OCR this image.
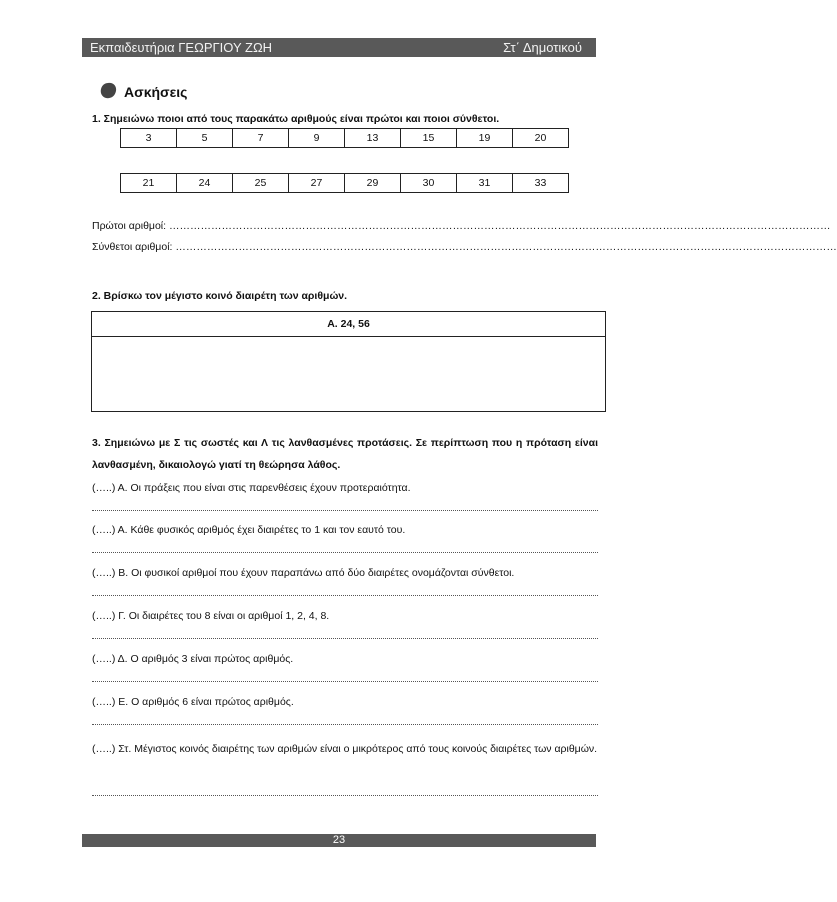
Εκπαιδευτήρια ΓΕΩΡΓΙΟΥ ΖΩΗ	Στ΄ Δημοτικού
Ασκήσεις
1. Σημειώνω ποιοι από τους παρακάτω αριθμούς είναι πρώτοι και ποιοι σύνθετοι.
3	5	7	9	13	15	19	20
21	24	25	27	29	30	31	33
Πρώτοι αριθμοί: ………………………………………………………………………………………………………………………………………………………………………
Σύνθετοι αριθμοί: ………………………………………………………………………………………………………………………………………………………………………
2. Βρίσκω τον μέγιστο κοινό διαιρέτη των αριθμών.
Α. 24, 56
3. Σημειώνω με Σ τις σωστές και Λ τις λανθασμένες προτάσεις. Σε περίπτωση που η πρόταση είναι λανθασμένη, δικαιολογώ γιατί τη θεώρησα λάθος.
(…..) Α. Οι πράξεις που είναι στις παρενθέσεις έχουν προτεραιότητα.
(…..) Α. Κάθε φυσικός αριθμός έχει διαιρέτες το 1 και τον εαυτό του.
(…..) Β. Οι φυσικοί αριθμοί που έχουν παραπάνω από δύο διαιρέτες ονομάζονται σύνθετοι.
(…..) Γ. Οι διαιρέτες του 8 είναι οι αριθμοί 1, 2, 4, 8.
(…..) Δ. Ο αριθμός 3 είναι πρώτος αριθμός.
(…..) Ε. Ο αριθμός 6 είναι πρώτος αριθμός.
(…..) Στ. Μέγιστος κοινός διαιρέτης των αριθμών είναι ο μικρότερος από τους κοινούς διαιρέτες των αριθμών.
23
